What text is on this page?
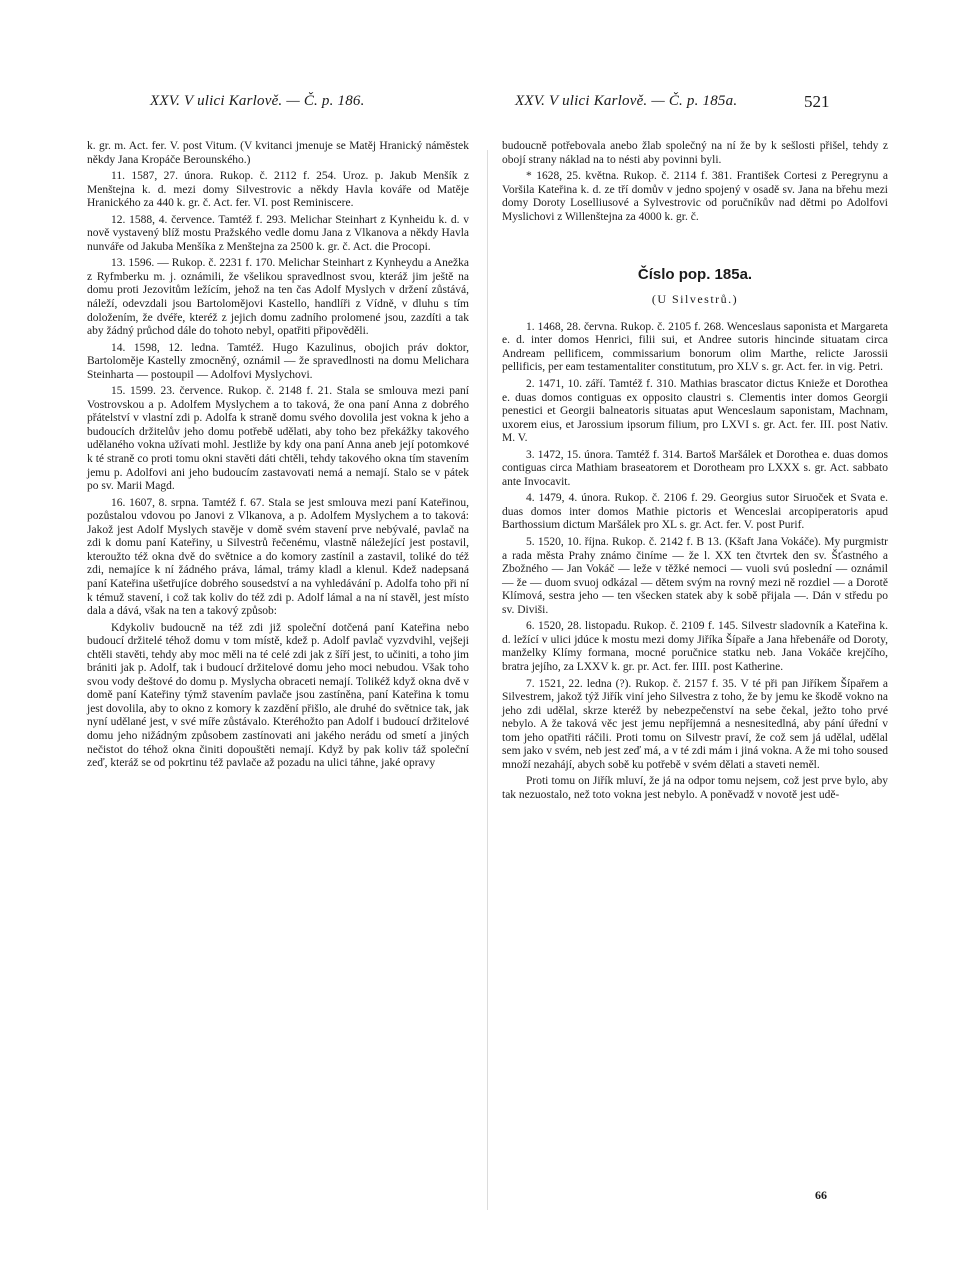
XXV. V ulici Karlově. — Č. p. 186.	XXV. V ulici Karlově. — Č. p. 185a.	521

k. gr. m. Act. fer. V. post Vitum. (V kvitanci jmenuje se Matěj Hranický náměstek někdy Jana Kropáče Berounského.)

11. 1587, 27. února. Rukop. č. 2112 f. 254. Uroz. p. Jakub Menšík z Menštejna k. d. mezi domy Silvestrovic a někdy Havla kováře od Matěje Hranického za 440 k. gr. č. Act. fer. VI. post Reminiscere.

12. 1588, 4. července. Tamtéž f. 293. Melichar Steinhart z Kynheidu k. d. v nově vystavený blíž mostu Pražského vedle domu Jana z Vlkanova a někdy Havla nunváře od Jakuba Menšíka z Menštejna za 2500 k. gr. č. Act. die Procopi.

13. 1596. — Rukop. č. 2231 f. 170. Melichar Steinhart z Kynheydu a Anežka z Ryfmberku m. j. oznámili, že všelikou spravedlnost svou, kteráž jim ještě na domu proti Jezovitům ležícím, jehož na ten čas Adolf Myslych v držení zůstává, náleží, odevzdali jsou Bartolomějovi Kastello, handlíři z Vídně, v dluhu s tím doložením, že dvéře, kteréž z jejich domu zadního prolomené jsou, zazdíti a tak aby žádný průchod dále do tohoto nebyl, opatřiti připověděli.

14. 1598, 12. ledna. Tamtéž. Hugo Kazulinus, obojich práv doktor, Bartoloměje Kastelly zmocněný, oznámil — že spravedlnosti na domu Melichara Steinharta — postoupil — Adolfovi Myslychovi.

15. 1599. 23. července. Rukop. č. 2148 f. 21. Stala se smlouva mezi paní Vostrovskou a p. Adolfem Myslychem a to taková, že ona paní Anna z dobrého přátelství v vlastní zdi p. Adolfa k straně domu svého dovolila jest vokna k jeho a budoucích držitelův jeho domu potřebě udělati, aby toho bez překážky takového udělaného vokna užívati mohl. Jestliže by kdy ona paní Anna aneb její potomkové k té straně co proti tomu okni stavěti dáti chtěli, tehdy takového okna tím stavením jemu p. Adolfovi ani jeho budoucím zastavovati nemá a nemají. Stalo se v pátek po sv. Marii Magd.

16. 1607, 8. srpna. Tamtéž f. 67. Stala se jest smlouva mezi paní Kateřinou, pozůstalou vdovou po Janovi z Vlkanova, a p. Adolfem Myslychem a to taková: Jakož jest Adolf Myslych stavěje v domě svém stavení prve nebývalé, pavlač na zdi k domu paní Kateřiny, u Silvestrů řečenému, vlastně náležející jest postavil, kteroužto též okna dvě do světnice a do komory zastínil a zastavil, toliké do též zdi, nemajíce k ní žádného práva, lámal, trámy kladl a klenul. Kdež nadepsaná paní Kateřina ušetřujíce dobrého sousedství a na vyhledávání p. Adolfa toho při ní k témuž stavení, i což tak koliv do též zdi p. Adolf lámal a na ní stavěl, jest místo dala a dává, však na ten a takový způsob:

Kdykoliv budoucně na též zdi již společní dotčená paní Kateřina nebo budoucí držitelé téhož domu v tom místě, kdež p. Adolf pavlač vyzvdvihl, vejšeji chtěli stavěti, tehdy aby moc měli na té celé zdi jak z šíří jest, to učiniti, a toho jim brániti jak p. Adolf, tak i budoucí držitelové domu jeho moci nebudou. Však toho svou vody deštové do domu p. Myslycha obraceti nemají. Tolikéž když okna dvě v domě paní Kateřiny týmž stavením pavlače jsou zastíněna, paní Kateřina k tomu jest dovolila, aby to okno z komory k zazdění přišlo, ale druhé do světnice tak, jak nyní udělané jest, v své míře zůstávalo. Kteréhožto pan Adolf i budoucí držitelové domu jeho nižádným způsobem zastínovati ani jakého nerádu od smetí a jiných nečistot do téhož okna činiti dopouštěti nemají. Když by pak koliv táž společní zeď, kteráž se od pokrtinu též pavlače až pozadu na ulici táhne, jaké opravy

budoucně potřebovala anebo žlab společný na ní že by k sešlosti přišel, tehdy z obojí strany náklad na to nésti aby povinni byli.

* 1628, 25. května. Rukop. č. 2114 f. 381. František Cortesi z Peregrynu a Voršila Kateřina k. d. ze tří domův v jedno spojený v osadě sv. Jana na břehu mezi domy Doroty Loselliusové a Sylvestrovic od poručníkův nad dětmi po Adolfovi Myslichovi z Willenštejna za 4000 k. gr. č.

Číslo pop. 185a.
(U Silvestrů.)

1. 1468, 28. června. Rukop. č. 2105 f. 268. Wenceslaus saponista et Margareta e. d. inter domos Henrici, filii sui, et Andree sutoris hincinde situatam circa Andream pellificem, commissarium bonorum olim Marthe, relicte Jarossii pellificis, per eam testamentaliter constitutum, pro XLV s. gr. Act. fer. in vig. Petri.

2. 1471, 10. září. Tamtéž f. 310. Mathias brascator dictus Knieže et Dorothea e. duas domos contiguas ex opposito claustri s. Clementis inter domos Georgii penestici et Georgii balneatoris situatas aput Wenceslaum saponistam, Machnam, uxorem eius, et Jarossium ipsorum filium, pro LXVI s. gr. Act. fer. III. post Nativ. M. V.

3. 1472, 15. února. Tamtéž f. 314. Bartoš Maršálek et Dorothea e. duas domos contiguas circa Mathiam braseatorem et Dorotheam pro LXXX s. gr. Act. sabbato ante Invocavit.

4. 1479, 4. února. Rukop. č. 2106 f. 29. Georgius sutor Siruoček et Svata e. duas domos inter domos Mathie pictoris et Wenceslai arcopiperatoris apud Barthossium dictum Maršálek pro XL s. gr. Act. fer. V. post Purif.

5. 1520, 10. října. Rukop. č. 2142 f. B 13. (Kšaft Jana Vokáče). My purgmistr a rada města Prahy známo činíme — že l. XX ten čtvrtek den sv. Šťastného a Zbožného — Jan Vokáč — leže v těžké nemoci — vuoli svú poslední — oznámil — že — duom svuoj odkázal — dětem svým na rovný mezi ně rozdiel — a Dorotě Klímová, sestra jeho — ten všecken statek aby k sobě přijala —. Dán v středu po sv. Diviši.

6. 1520, 28. listopadu. Rukop. č. 2109 f. 145. Silvestr sladovník a Kateřina k. d. ležící v ulici jdúce k mostu mezi domy Jiříka Šípaře a Jana hřebenáře od Doroty, manželky Klímy formana, mocné poručnice statku neb. Jana Vokáče krejčího, bratra jejího, za LXXV k. gr. pr. Act. fer. IIII. post Katherine.

7. 1521, 22. ledna (?). Rukop. č. 2157 f. 35. V té při pan Jiříkem Šípařem a Silvestrem, jakož týž Jiřík viní jeho Silvestra z toho, že by jemu ke škodě vokno na jeho zdi udělal, skrze kteréž by nebezpečenství na sebe čekal, ježto toho prvé nebylo. A že taková věc jest jemu nepříjemná a nesnesitedlná, aby pání úřední v tom jeho opatřiti ráčili. Proti tomu on Silvestr praví, že což sem já udělal, udělal sem jako v svém, neb jest zeď má, a v té zdi mám i jiná vokna. A že mi toho soused množí nezahájí, abych sobě ku potřebě v svém dělati a staveti neměl.

Proti tomu on Jiřík mluví, že já na odpor tomu nejsem, což jest prve bylo, aby tak nezuostalo, než toto vokna jest nebylo. A poněvadž v novotě jest udě-

66
